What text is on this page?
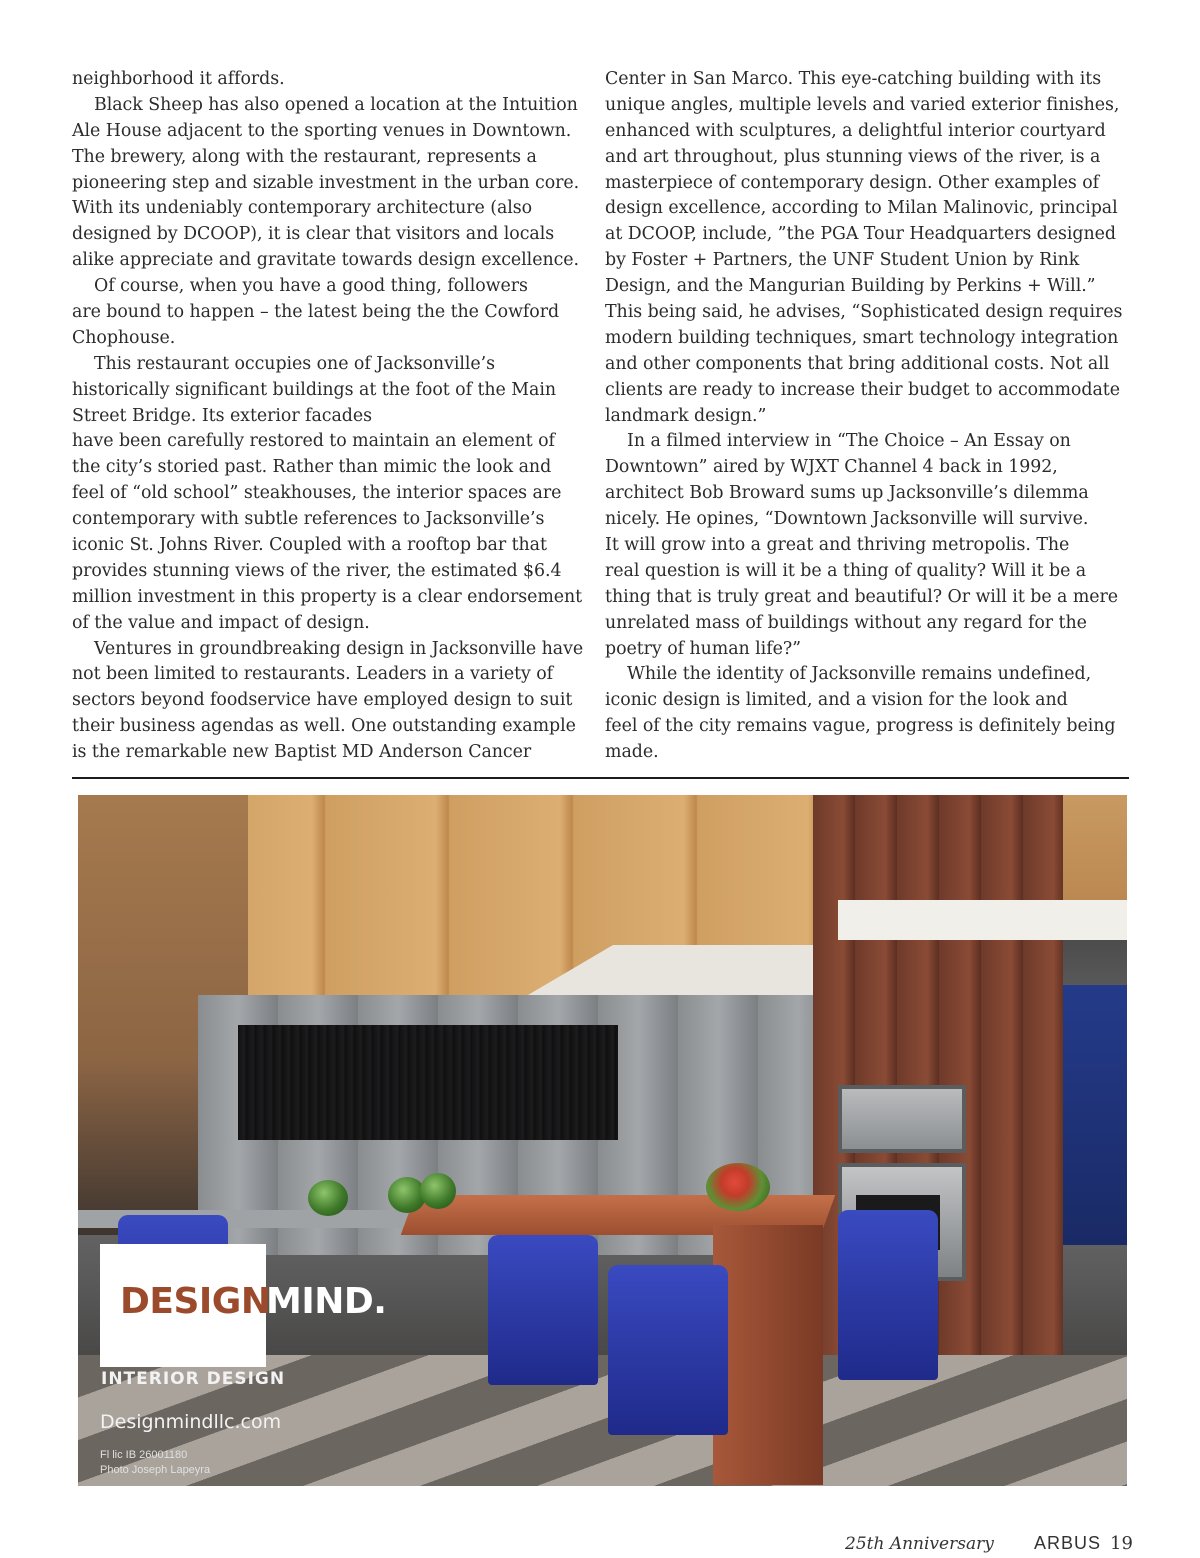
neighborhood it affords.
Black Sheep has also opened a location at the Intuition
Ale House adjacent to the sporting venues in Downtown.
The brewery, along with the restaurant, represents a
pioneering step and sizable investment in the urban core.
With its undeniably contemporary architecture (also
designed by DCOOP), it is clear that visitors and locals
alike appreciate and gravitate towards design excellence.
Of course, when you have a good thing, followers
are bound to happen – the latest being the the Cowford
Chophouse.
This restaurant occupies one of Jacksonville’s
historically significant buildings at the foot of the Main
Street Bridge. Its exterior facades
have been carefully restored to maintain an element of
the city’s storied past. Rather than mimic the look and
feel of “old school” steakhouses, the interior spaces are
contemporary with subtle references to Jacksonville’s
iconic St. Johns River. Coupled with a rooftop bar that
provides stunning views of the river, the estimated $6.4
million investment in this property is a clear endorsement
of the value and impact of design.
Ventures in groundbreaking design in Jacksonville have
not been limited to restaurants. Leaders in a variety of
sectors beyond foodservice have employed design to suit
their business agendas as well. One outstanding example
is the remarkable new Baptist MD Anderson Cancer
Center in San Marco. This eye-catching building with its
unique angles, multiple levels and varied exterior finishes,
enhanced with sculptures, a delightful interior courtyard
and art throughout, plus stunning views of the river, is a
masterpiece of contemporary design. Other examples of
design excellence, according to Milan Malinovic, principal
at DCOOP, include, ”the PGA Tour Headquarters designed
by Foster + Partners, the UNF Student Union by Rink
Design, and the Mangurian Building by Perkins + Will.”
This being said, he advises, “Sophisticated design requires
modern building techniques, smart technology integration
and other components that bring additional costs. Not all
clients are ready to increase their budget to accommodate
landmark design.”
In a filmed interview in “The Choice – An Essay on
Downtown” aired by WJXT Channel 4 back in 1992,
architect Bob Broward sums up Jacksonville’s dilemma
nicely. He opines, “Downtown Jacksonville will survive.
It will grow into a great and thriving metropolis. The
real question is will it be a thing of quality? Will it be a
thing that is truly great and beautiful? Or will it be a mere
unrelated mass of buildings without any regard for the
poetry of human life?”
While the identity of Jacksonville remains undefined,
iconic design is limited, and a vision for the look and
feel of the city remains vague, progress is definitely being
made.
DESIGN
MIND.
INTERIOR DESIGN
Designmindllc.com
Fl lic IB 26001180
Photo Joseph Lapeyra
25th Anniversary ARBUS 19
